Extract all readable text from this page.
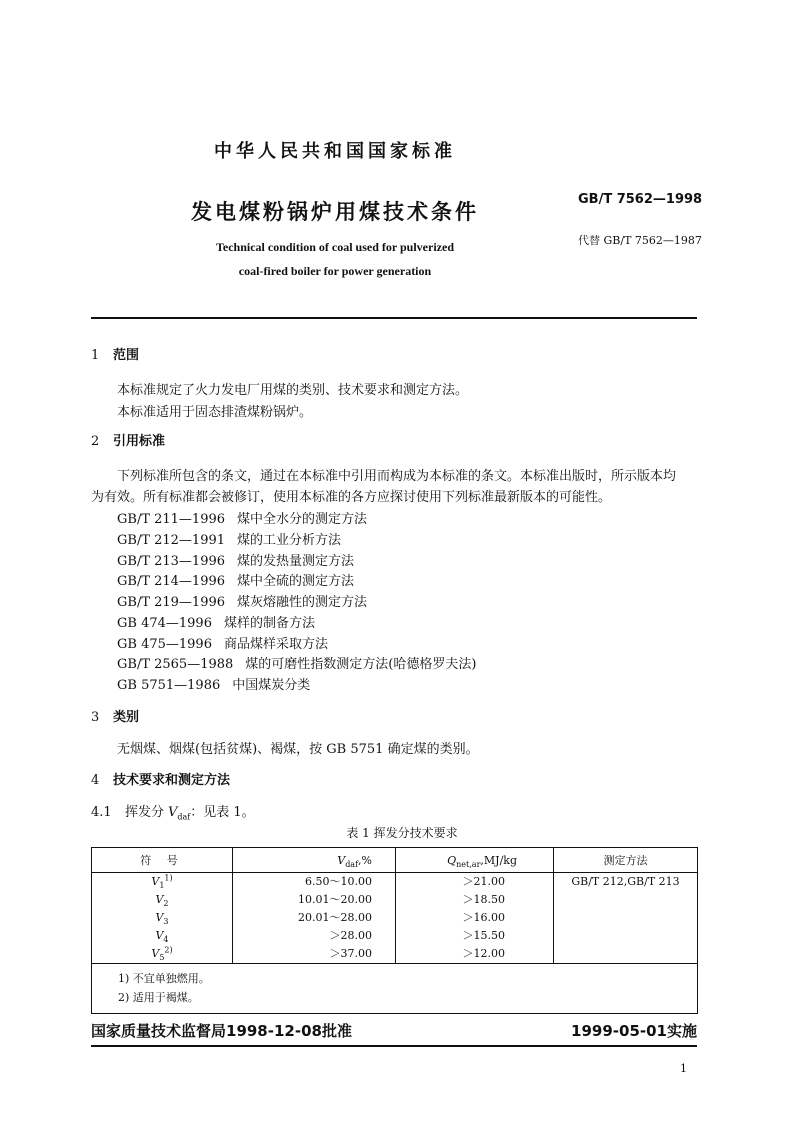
中华人民共和国国家标准
发电煤粉锅炉用煤技术条件
Technical condition of coal used for pulverized
coal-fired boiler for power generation
GB/T 7562—1998
代替 GB/T 7562—1987
1 范围
本标准规定了火力发电厂用煤的类别、技术要求和测定方法。
本标准适用于固态排渣煤粉锅炉。
2 引用标准
下列标准所包含的条文，通过在本标准中引用而构成为本标准的条文。本标准出版时，所示版本均
为有效。所有标准都会被修订，使用本标准的各方应探讨使用下列标准最新版本的可能性。
GB/T 211—1996 煤中全水分的测定方法
GB/T 212—1991 煤的工业分析方法
GB/T 213—1996 煤的发热量测定方法
GB/T 214—1996 煤中全硫的测定方法
GB/T 219—1996 煤灰熔融性的测定方法
GB 474—1996 煤样的制备方法
GB 475—1996 商品煤样采取方法
GB/T 2565—1988 煤的可磨性指数测定方法(哈德格罗夫法)
GB 5751—1986 中国煤炭分类
3 类别
无烟煤、烟煤(包括贫煤)、褐煤，按 GB 5751 确定煤的类别。
4 技术要求和测定方法
4.1 挥发分 $V_{daf}$：见表 1。
表 1 挥发分技术要求
符 号	$V_{daf},\%$	$Q_{net,ar},MJ/kg$	测定方法
$V_1^{1)}$	6.50～10.00	＞21.00	GB/T 212,GB/T 213
$V_2$	10.01～20.00	＞18.50	
$V_3$	20.01～28.00	＞16.00	
$V_4$	＞28.00	＞15.50	
$V_5^{2)}$	＞37.00	＞12.00	

1) 不宜单独燃用。
2) 适用于褐煤。			
国家质量技术监督局1998-12-08批准	1999-05-01实施
1
